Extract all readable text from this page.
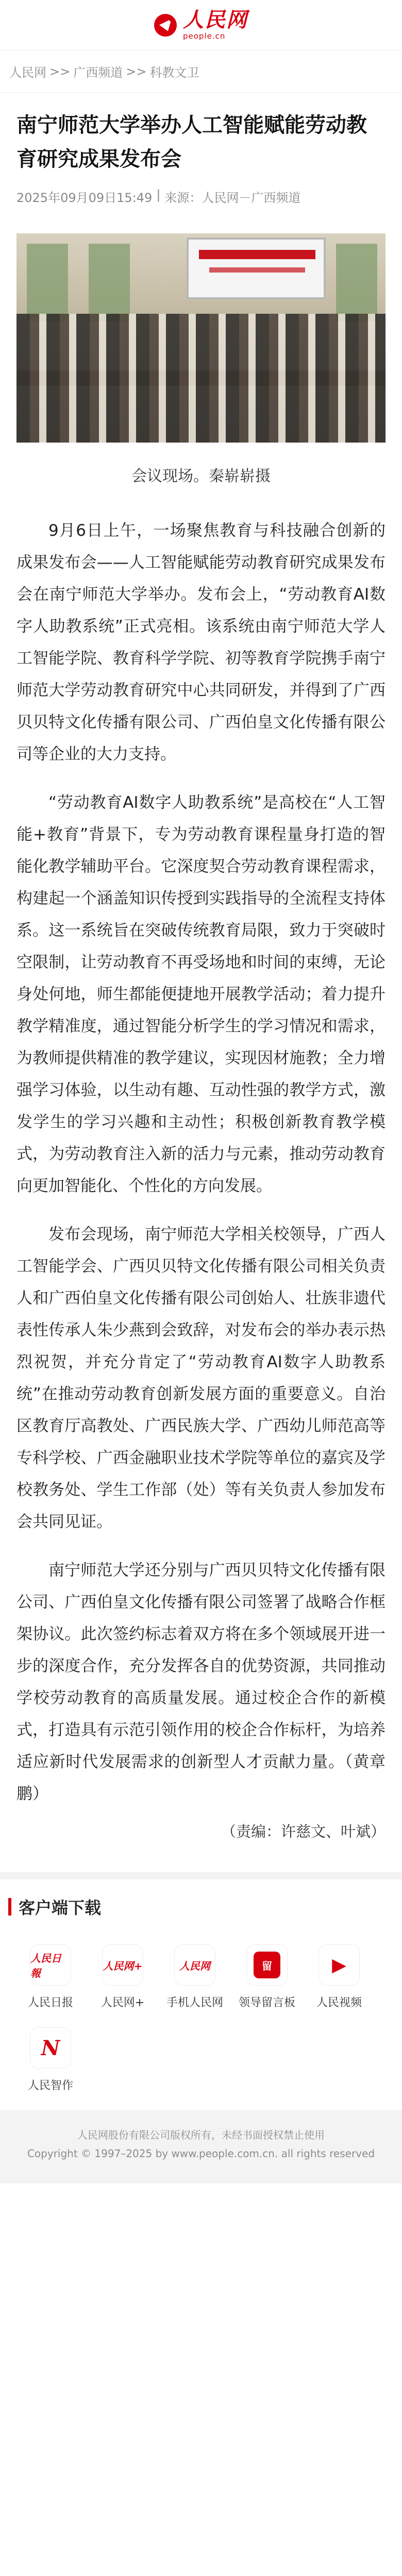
人民网
people.cn
人民网 >> 广西频道 >> 科教文卫
南宁师范大学举办人工智能赋能劳动教育研究成果发布会
2025年09月09日15:49 | 来源：人民网－广西频道

会议现场。秦崭崭摄

9月6日上午，一场聚焦教育与科技融合创新的成果发布会——人工智能赋能劳动教育研究成果发布会在南宁师范大学举办。发布会上，“劳动教育AI数字人助教系统”正式亮相。该系统由南宁师范大学人工智能学院、教育科学学院、初等教育学院携手南宁师范大学劳动教育研究中心共同研发，并得到了广西贝贝特文化传播有限公司、广西伯皇文化传播有限公司等企业的大力支持。

“劳动教育AI数字人助教系统”是高校在“人工智能+教育”背景下，专为劳动教育课程量身打造的智能化教学辅助平台。它深度契合劳动教育课程需求，构建起一个涵盖知识传授到实践指导的全流程支持体系。这一系统旨在突破传统教育局限，致力于突破时空限制，让劳动教育不再受场地和时间的束缚，无论身处何地，师生都能便捷地开展教学活动；着力提升教学精准度，通过智能分析学生的学习情况和需求，为教师提供精准的教学建议，实现因材施教；全力增强学习体验，以生动有趣、互动性强的教学方式，激发学生的学习兴趣和主动性；积极创新教育教学模式，为劳动教育注入新的活力与元素，推动劳动教育向更加智能化、个性化的方向发展。

发布会现场，南宁师范大学相关校领导，广西人工智能学会、广西贝贝特文化传播有限公司相关负责人和广西伯皇文化传播有限公司创始人、壮族非遗代表性传承人朱少燕到会致辞，对发布会的举办表示热烈祝贺，并充分肯定了“劳动教育AI数字人助教系统”在推动劳动教育创新发展方面的重要意义。自治区教育厅高教处、广西民族大学、广西幼儿师范高等专科学校、广西金融职业技术学院等单位的嘉宾及学校教务处、学生工作部（处）等有关负责人参加发布会共同见证。

南宁师范大学还分别与广西贝贝特文化传播有限公司、广西伯皇文化传播有限公司签署了战略合作框架协议。此次签约标志着双方将在多个领域展开进一步的深度合作，充分发挥各自的优势资源，共同推动学校劳动教育的高质量发展。通过校企合作的新模式，打造具有示范引领作用的校企合作标杆，为培养适应新时代发展需求的创新型人才贡献力量。（黄章鹏）

（责编：许慈文、叶斌）

客户端下载
人民日報
人民日报
人民网+
人民网+
人民网
手机人民网
留
领导留言板
▶
人民视频
N
人民智作
人民网股份有限公司版权所有，未经书面授权禁止使用
Copyright © 1997–2025 by www.people.com.cn. all rights reserved
